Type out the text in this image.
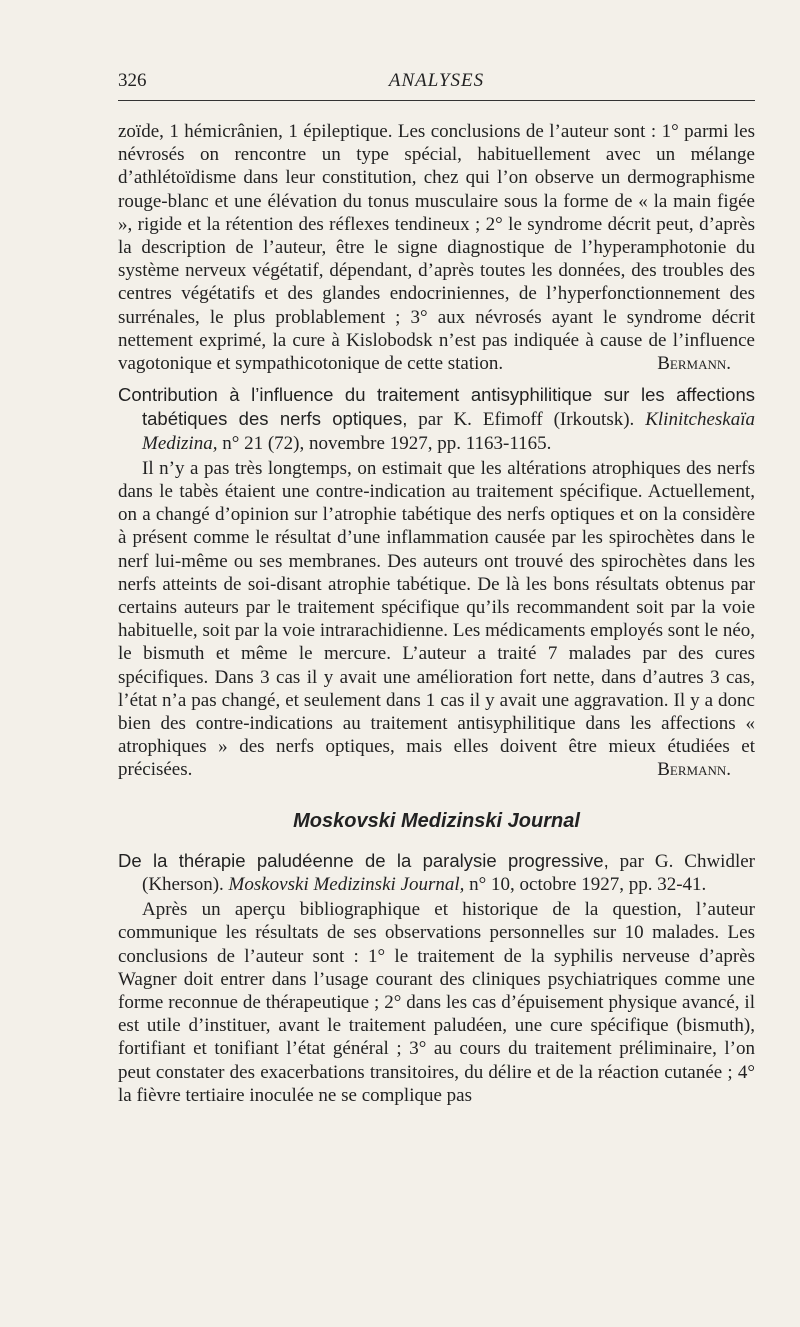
326	ANALYSES

zoïde, 1 hémicrânien, 1 épileptique. Les conclusions de l’auteur sont : 1° parmi les névrosés on rencontre un type spécial, habituellement avec un mélange d’athlétoïdisme dans leur constitution, chez qui l’on observe un dermographisme rouge-blanc et une élévation du tonus musculaire sous la forme de « la main figée », rigide et la rétention des réflexes tendineux ; 2° le syndrome décrit peut, d’après la description de l’auteur, être le signe diagnostique de l’hyperamphotonie du système nerveux végétatif, dépendant, d’après toutes les données, des troubles des centres végétatifs et des glandes endocriniennes, de l’hyperfonctionnement des surrénales, le plus problablement ; 3° aux névrosés ayant le syndrome décrit nettement exprimé, la cure à Kislobodsk n’est pas indiquée à cause de l’influence vagotonique et sympathicotonique de cette station.	Bermann.

Contribution à l’influence du traitement antisyphilitique sur les affections tabétiques des nerfs optiques, par K. Efimoff (Irkoutsk). Klinitcheskaïa Medizina, n° 21 (72), novembre 1927, pp. 1163-1165.

Il n’y a pas très longtemps, on estimait que les altérations atrophiques des nerfs dans le tabès étaient une contre-indication au traitement spécifique. Actuellement, on a changé d’opinion sur l’atrophie tabétique des nerfs optiques et on la considère à présent comme le résultat d’une inflammation causée par les spirochètes dans le nerf lui-même ou ses membranes. Des auteurs ont trouvé des spirochètes dans les nerfs atteints de soi-disant atrophie tabétique. De là les bons résultats obtenus par certains auteurs par le traitement spécifique qu’ils recommandent soit par la voie habituelle, soit par la voie intrarachidienne. Les médicaments employés sont le néo, le bismuth et même le mercure. L’auteur a traité 7 malades par des cures spécifiques. Dans 3 cas il y avait une amélioration fort nette, dans d’autres 3 cas, l’état n’a pas changé, et seulement dans 1 cas il y avait une aggravation. Il y a donc bien des contre-indications au traitement antisyphilitique dans les affections « atrophiques » des nerfs optiques, mais elles doivent être mieux étudiées et précisées.	Bermann.

Moskovski Medizinski Journal

De la thérapie paludéenne de la paralysie progressive, par G. Chwidler (Kherson). Moskovski Medizinski Journal, n° 10, octobre 1927, pp. 32-41.

Après un aperçu bibliographique et historique de la question, l’auteur communique les résultats de ses observations personnelles sur 10 malades. Les conclusions de l’auteur sont : 1° le traitement de la syphilis nerveuse d’après Wagner doit entrer dans l’usage courant des cliniques psychiatriques comme une forme reconnue de thérapeutique ; 2° dans les cas d’épuisement physique avancé, il est utile d’instituer, avant le traitement paludéen, une cure spécifique (bismuth), fortifiant et tonifiant l’état général ; 3° au cours du traitement préliminaire, l’on peut constater des exacerbations transitoires, du délire et de la réaction cutanée ; 4° la fièvre tertiaire inoculée ne se complique pas
